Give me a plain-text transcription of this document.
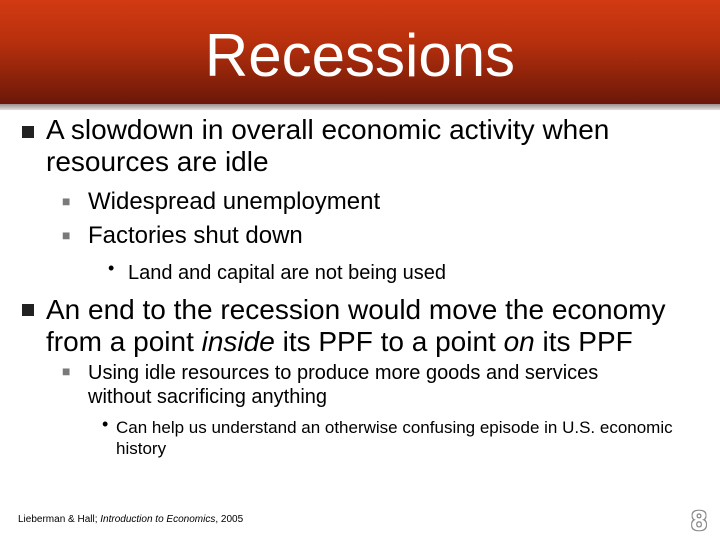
Recessions

A slowdown in overall economic activity when resources are idle

■ Widespread unemployment

■ Factories shut down

• Land and capital are not being used

An end to the recession would move the economy from a point inside its PPF to a point on its PPF

■ Using idle resources to produce more goods and services without sacrificing anything

• Can help us understand an otherwise confusing episode in U.S. economic history

Lieberman & Hall; Introduction to Economics, 2005	8
